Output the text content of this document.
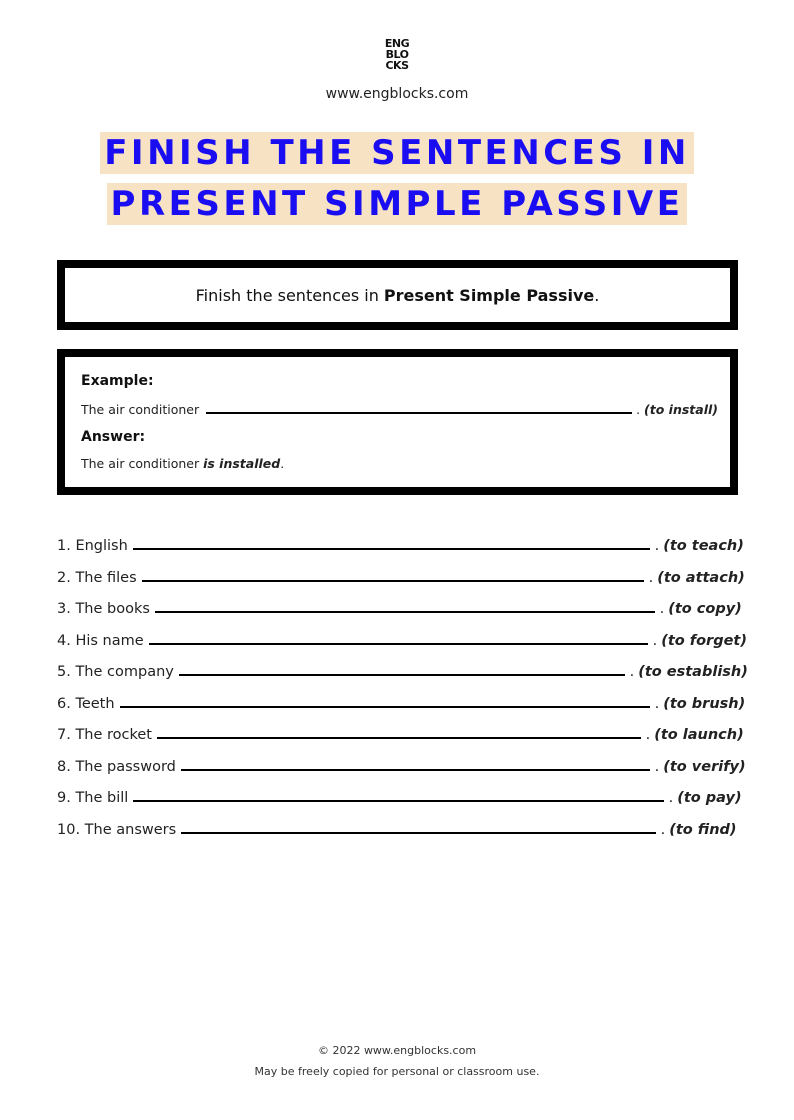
ENG
BLO
CKS
www.engblocks.com
FINISH THE SENTENCES IN
PRESENT SIMPLE PASSIVE
Finish the sentences in Present Simple Passive .
Example:
The air conditioner	. (to install)
Answer:
The air conditioner is installed.
1. English	. (to teach)
2. The files	. (to attach)
3. The books	. (to copy)
4. His name	. (to forget)
5. The company	. (to establish)
6. Teeth	. (to brush)
7. The rocket	. (to launch)
8. The password	. (to verify)
9. The bill	. (to pay)
10. The answers	. (to find)
© 2022 www.engblocks.com
May be freely copied for personal or classroom use.
